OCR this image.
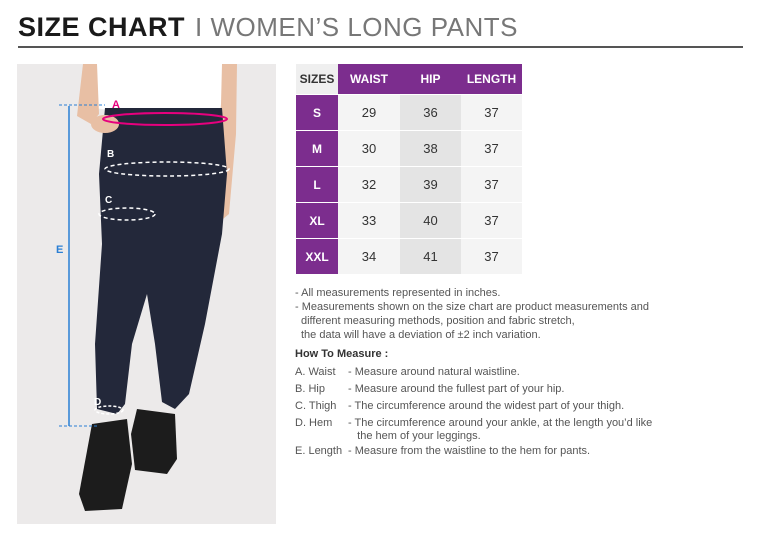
SIZE CHART I WOMEN’S LONG PANTS
A
B
C
D
E
SIZES	WAIST	HIP	LENGTH
S	29	36	37
M	30	38	37
L	32	39	37
XL	33	40	37
XXL	34	41	37
- All measurements represented in inches.
- Measurements shown on the size chart are product measurements and
different measuring methods, position and fabric stretch,
the data will have a deviation of ±2 inch variation.
How To Measure :
A. Waist	- Measure around natural waistline.
B. Hip	- Measure around the fullest part of your hip.
C. Thigh	- The circumference around the widest part of your thigh.
D. Hem	- The circumference around your ankle, at the length you’d like
the hem of your leggings.
E. Length - Measure from the waistline to the hem for pants.
